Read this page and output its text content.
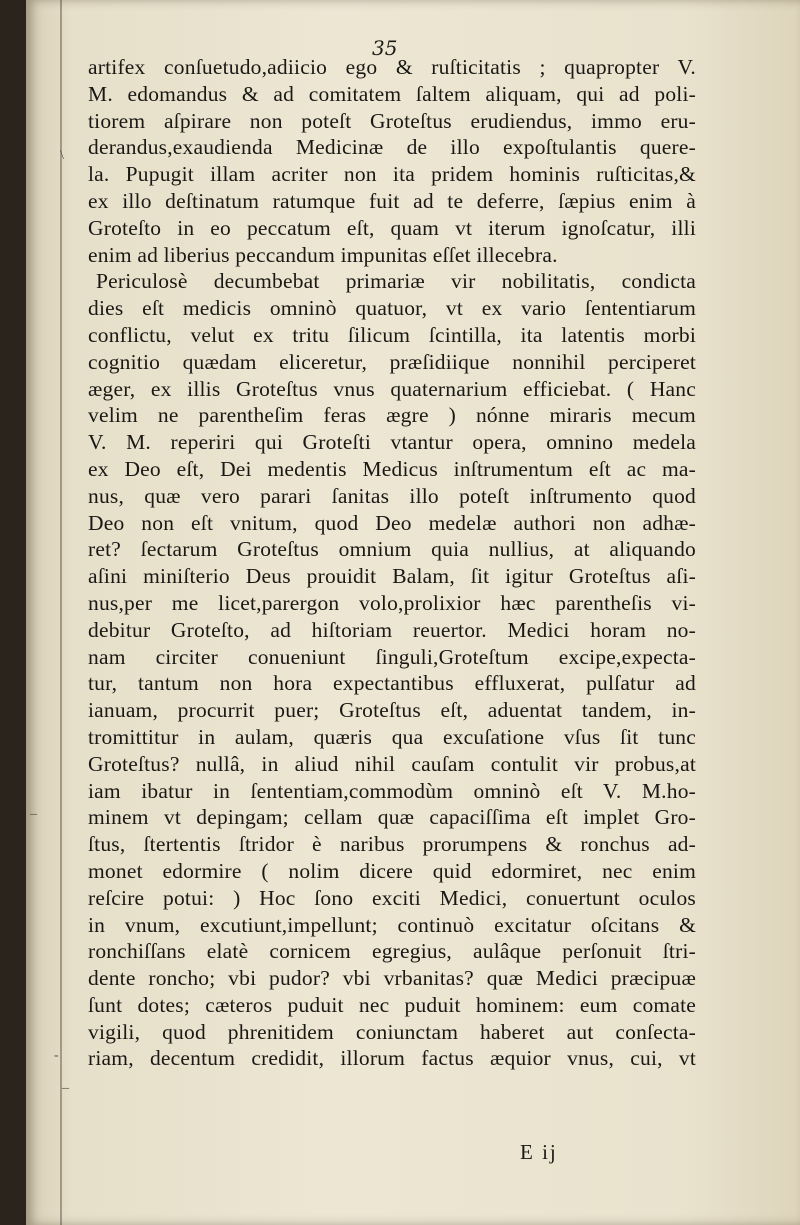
35
\
_
-
_
artifex conſuetudo,adiicio ego & ruſticitatis ; quapropter V.
M. edomandus & ad comitatem ſaltem aliquam, qui ad poli-
tiorem aſpirare non poteſt Groteſtus erudiendus, immo eru-
derandus,exaudienda Medicinæ de illo expoſtulantis quere-
la. Pupugit illam acriter non ita pridem hominis ruſticitas,&
ex illo deſtinatum ratumque fuit ad te deferre, ſæpius enim à
Groteſto in eo peccatum eſt, quam vt iterum ignoſcatur, illi
enim ad liberius peccandum impunitas eſſet illecebra.
Periculosè decumbebat primariæ vir nobilitatis, condicta
dies eſt medicis omninò quatuor, vt ex vario ſententiarum
conflictu, velut ex tritu ſilicum ſcintilla, ita latentis morbi
cognitio quædam eliceretur, præſidiique nonnihil perciperet
æger, ex illis Groteſtus vnus quaternarium efficiebat. ( Hanc
velim ne parentheſim feras ægre ) nónne miraris mecum
V. M. reperiri qui Groteſti vtantur opera, omnino medela
ex Deo eſt, Dei medentis Medicus inſtrumentum eſt ac ma-
nus, quæ vero parari ſanitas illo poteſt inſtrumento quod
Deo non eſt vnitum, quod Deo medelæ authori non adhæ-
ret? ſectarum Groteſtus omnium quia nullius, at aliquando
aſini miniſterio Deus prouidit Balam, ſit igitur Groteſtus aſi-
nus,per me licet,parergon volo,prolixior hæc parentheſis vi-
debitur Groteſto, ad hiſtoriam reuertor. Medici horam no-
nam circiter conueniunt ſinguli,Groteſtum excipe,expecta-
tur, tantum non hora expectantibus effluxerat, pulſatur ad
ianuam, procurrit puer; Groteſtus eſt, aduentat tandem, in-
tromittitur in aulam, quæris qua excuſatione vſus ſit tunc
Groteſtus? nullâ, in aliud nihil cauſam contulit vir probus,at
iam ibatur in ſententiam,commodùm omninò eſt V. M.ho-
minem vt depingam; cellam quæ capaciſſima eſt implet Gro-
ſtus, ſtertentis ſtridor è naribus prorumpens & ronchus ad-
monet edormire ( nolim dicere quid edormiret, nec enim
reſcire potui: ) Hoc ſono exciti Medici, conuertunt oculos
in vnum, excutiunt,impellunt; continuò excitatur oſcitans &
ronchiſſans elatè cornicem egregius, aulâque perſonuit ſtri-
dente roncho; vbi pudor? vbi vrbanitas? quæ Medici præcipuæ
ſunt dotes; cæteros puduit nec puduit hominem: eum comate
vigili, quod phrenitidem coniunctam haberet aut conſecta-
riam, decentum credidit, illorum factus æquior vnus, cui, vt
E ij
